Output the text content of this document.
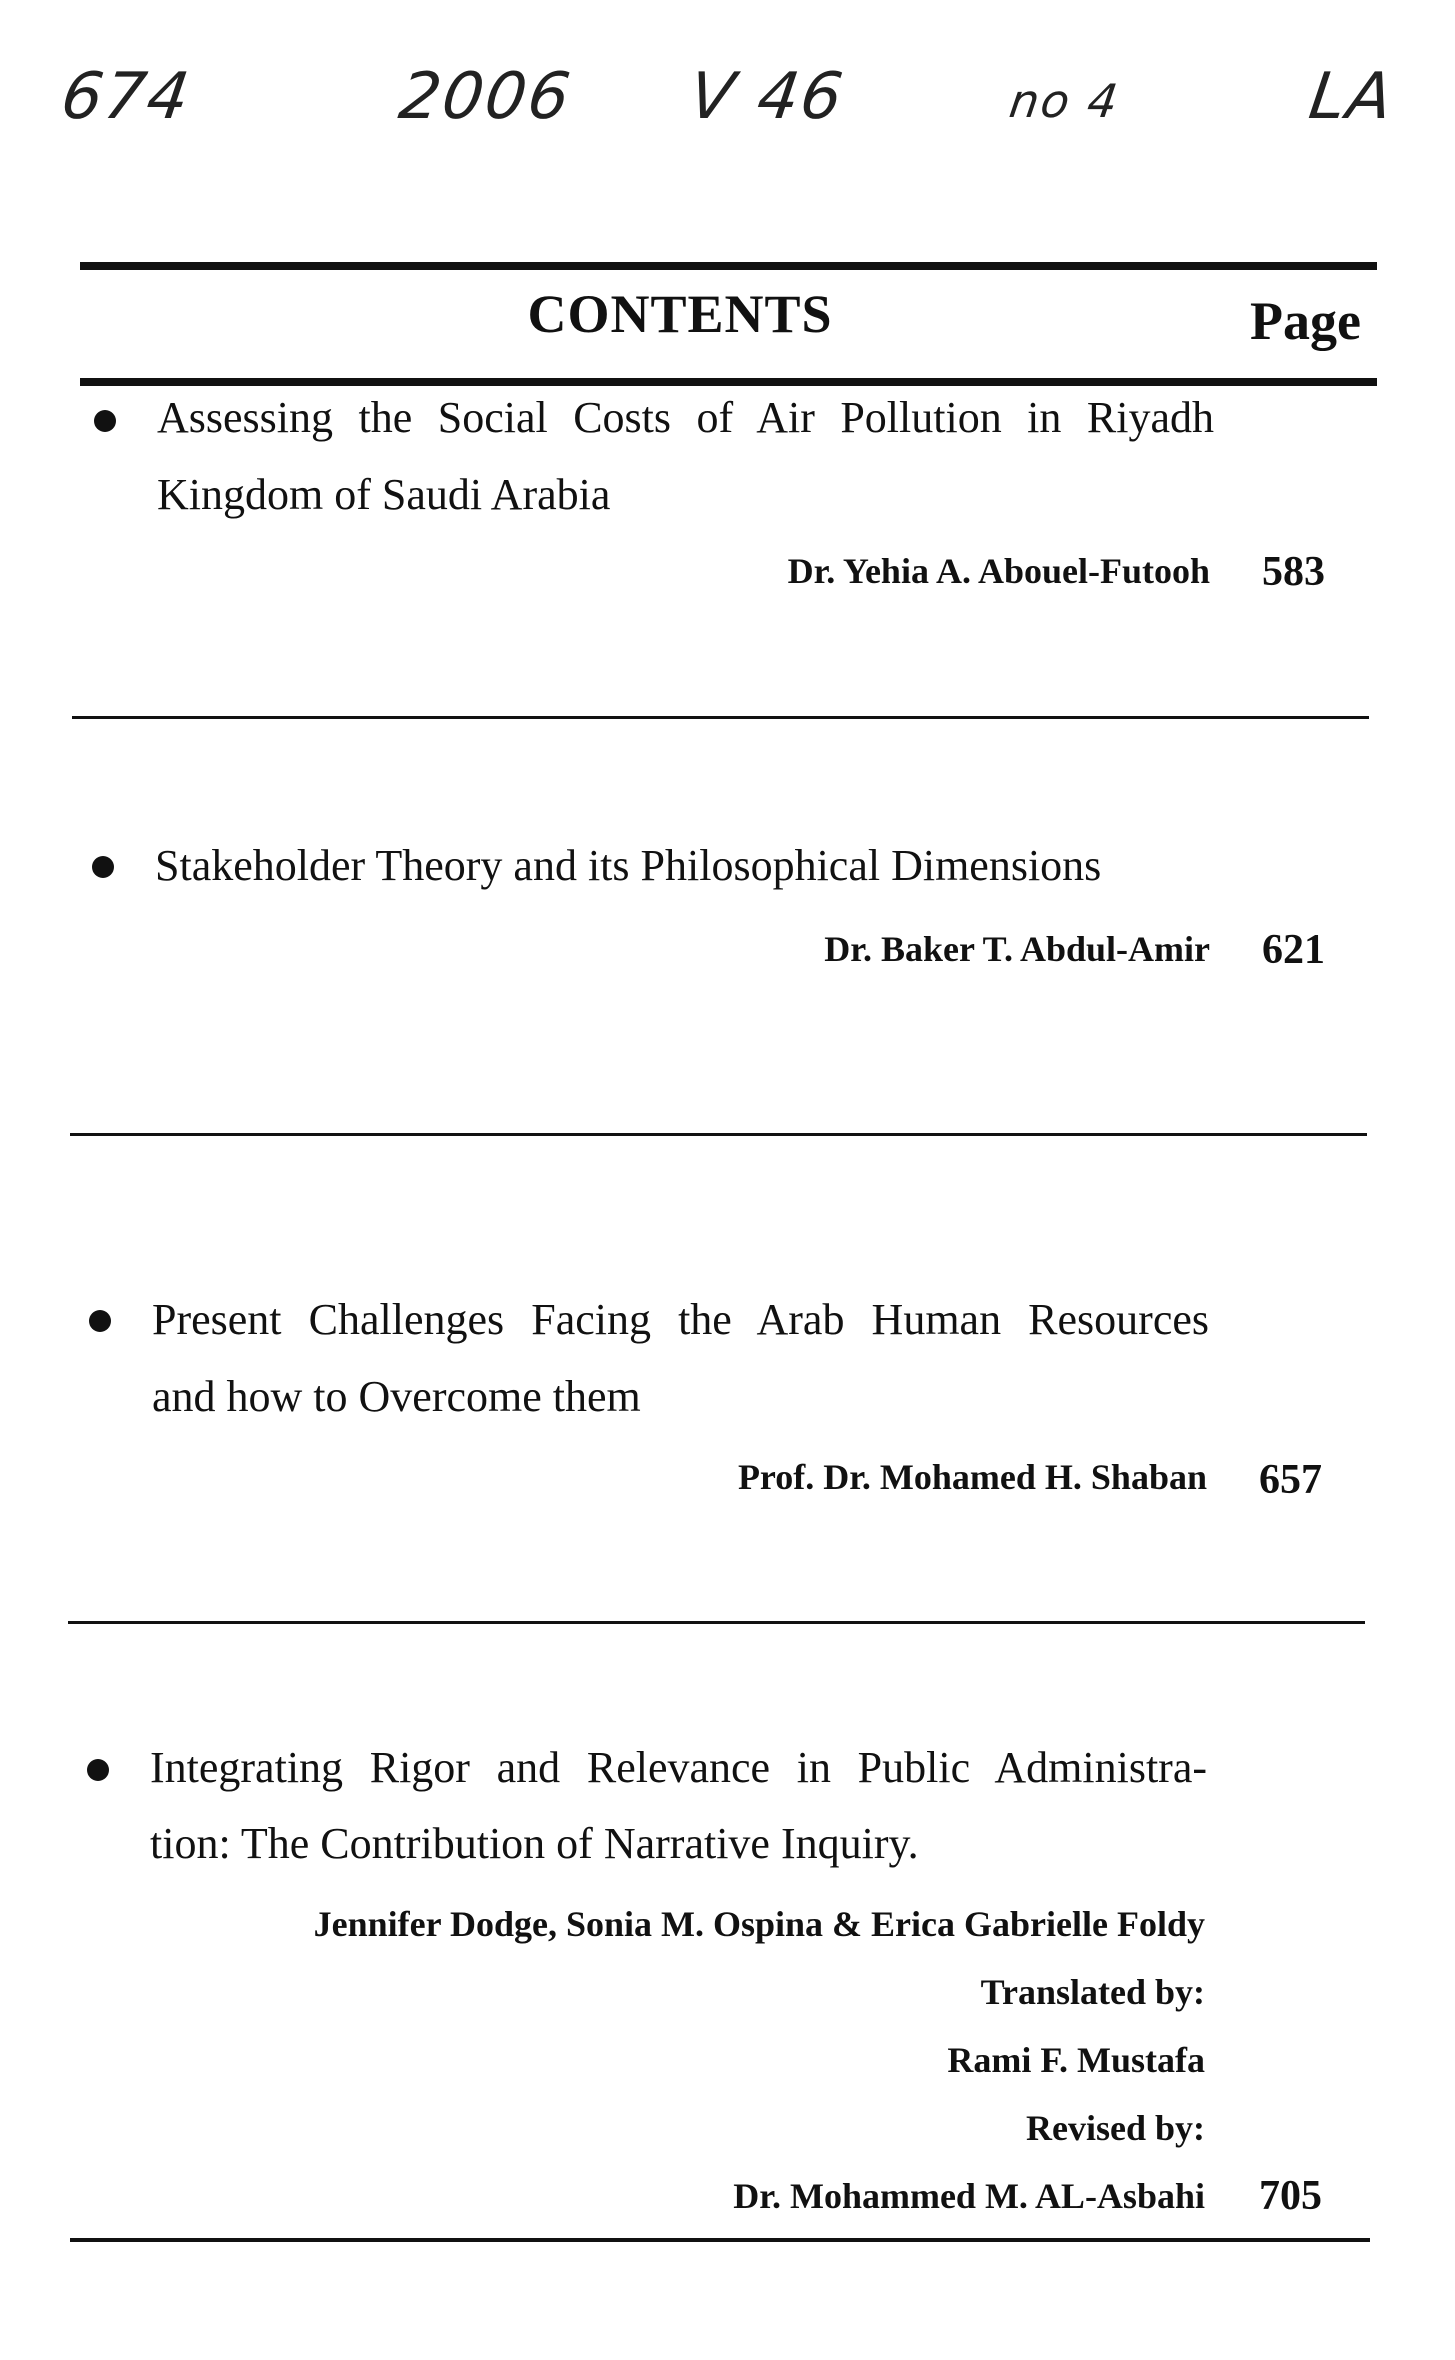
674	2006 V 46	no 4	LA
CONTENTS	Page
Assessing the Social Costs of Air Pollution in Riyadh
Kingdom of Saudi Arabia
Dr. Yehia A. Abouel-Futooh 583
Stakeholder Theory and its Philosophical Dimensions
Dr. Baker T. Abdul-Amir 621
Present Challenges Facing the Arab Human Resources
and how to Overcome them
Prof. Dr. Mohamed H. Shaban 657
Integrating Rigor and Relevance in Public Administra-
tion: The Contribution of Narrative Inquiry.
Jennifer Dodge, Sonia M. Ospina & Erica Gabrielle Foldy
Translated by:
Rami F. Mustafa
Revised by:
Dr. Mohammed M. AL-Asbahi 705
